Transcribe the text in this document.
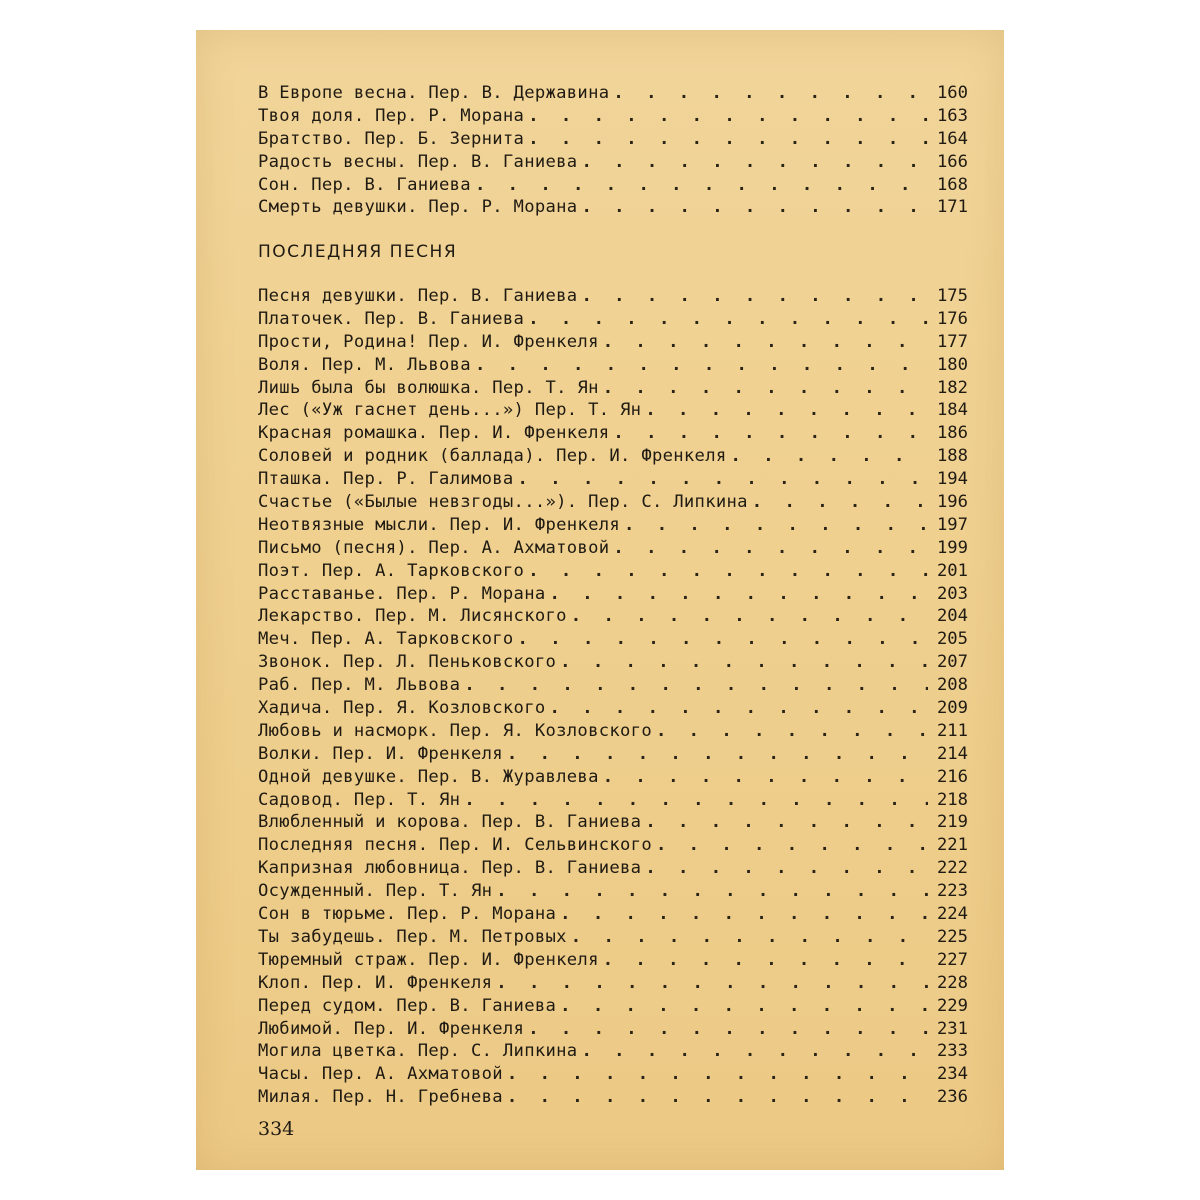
В Европе весна. Пер. В. Державина . . .	160
Твоя доля. Пер. Р. Морана . . .	163
Братство. Пер. Б. Зернита . . .	164
Радость весны. Пер. В. Ганиева . . .	166
Сон. Пер. В. Ганиева . . .	168
Смерть девушки. Пер. Р. Морана . . .	171
ПОСЛЕДНЯЯ ПЕСНЯ
Песня девушки. Пер. В. Ганиева . . .	175
Платочек. Пер. В. Ганиева . . .	176
Прости, Родина! Пер. И. Френкеля . . .	177
Воля. Пер. М. Львова . . .	180
Лишь была бы волюшка. Пер. Т. Ян . . .	182
Лес («Уж гаснет день...») Пер. Т. Ян . . .	184
Красная ромашка. Пер. И. Френкеля . . .	186
Соловей и родник (баллада). Пер. И. Френкеля . . .	188
Пташка. Пер. Р. Галимова . . .	194
Счастье («Былые невзгоды...»). Пер. С. Липкина . . .	196
Неотвязные мысли. Пер. И. Френкеля . . .	197
Письмо (песня). Пер. А. Ахматовой . . .	199
Поэт. Пер. А. Тарковского . . .	201
Расставанье. Пер. Р. Морана . . .	203
Лекарство. Пер. М. Лисянского . . .	204
Меч. Пер. А. Тарковского . . .	205
Звонок. Пер. Л. Пеньковского . . .	207
Раб. Пер. М. Львова . . .	208
Хадича. Пер. Я. Козловского . . .	209
Любовь и насморк. Пер. Я. Козловского . . .	211
Волки. Пер. И. Френкеля . . .	214
Одной девушке. Пер. В. Журавлева . . .	216
Садовод. Пер. Т. Ян . . .	218
Влюбленный и корова. Пер. В. Ганиева . . .	219
Последняя песня. Пер. И. Сельвинского . . .	221
Капризная любовница. Пер. В. Ганиева . . .	222
Осужденный. Пер. Т. Ян . . .	223
Сон в тюрьме. Пер. Р. Морана . . .	224
Ты забудешь. Пер. М. Петровых . . .	225
Тюремный страж. Пер. И. Френкеля . . .	227
Клоп. Пер. И. Френкеля . . .	228
Перед судом. Пер. В. Ганиева . . .	229
Любимой. Пер. И. Френкеля . . .	231
Могила цветка. Пер. С. Липкина . . .	233
Часы. Пер. А. Ахматовой . . .	234
Милая. Пер. Н. Гребнева . . .	236
334
